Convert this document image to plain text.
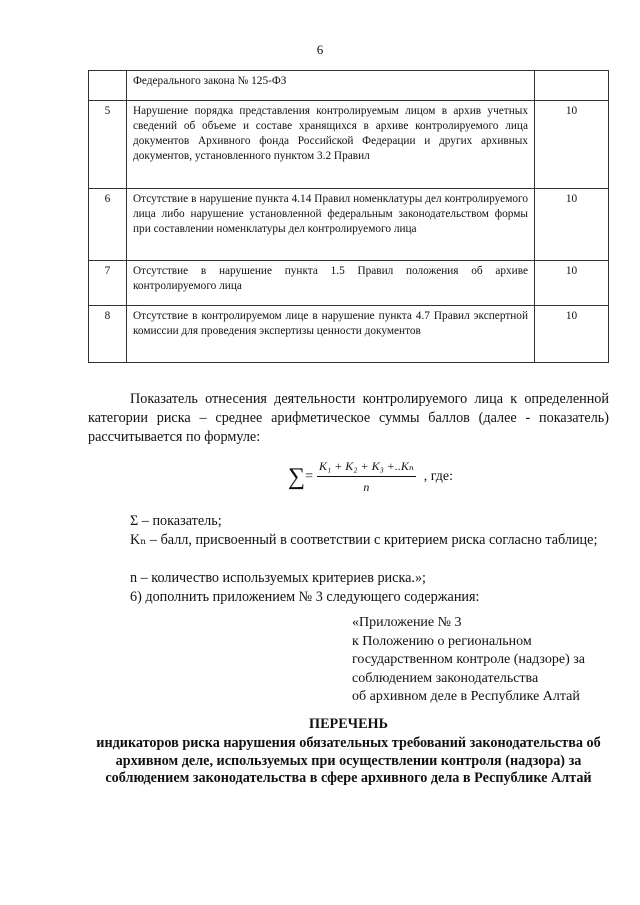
6
	Федерального закона № 125-ФЗ	
5	Нарушение порядка представления контролируемым лицом в архив учетных сведений об объеме и составе хранящихся в архиве контролируемого лица документов Архивного фонда Российской Федерации и других архивных документов, установленного пунктом 3.2 Правил	10
6	Отсутствие в нарушение пункта 4.14 Правил номенклатуры дел контролируемого лица либо нарушение установленной федеральным законодательством формы при составлении номенклатуры дел контролируемого лица	10
7	Отсутствие в нарушение пункта 1.5 Правил положения об архиве контролируемого лица	10
8	Отсутствие в контролируемом лице в нарушение пункта 4.7 Правил экспертной комиссии для проведения экспертизы ценности документов	10

Показатель отнесения деятельности контролируемого лица к определенной категории риска – среднее арифметическое суммы баллов (далее - показатель) рассчитывается по формуле:

∑ = $\frac{\text{K₁ + K₂ + K₃ +..Kₙ}}{n}$ , где:

Σ – показатель;

Kₙ – балл, присвоенный в соответствии с критерием риска согласно таблице;

n – количество используемых критериев риска.»;

6) дополнить приложением № 3 следующего содержания:

«Приложение № 3
к Положению о региональном
государственном контроле (надзоре) за
соблюдением законодательства
об архивном деле в Республике Алтай

ПЕРЕЧЕНЬ

индикаторов риска нарушения обязательных требований законодательства об архивном деле, используемых при осуществлении контроля (надзора) за соблюдением законодательства в сфере архивного дела в Республике Алтай
